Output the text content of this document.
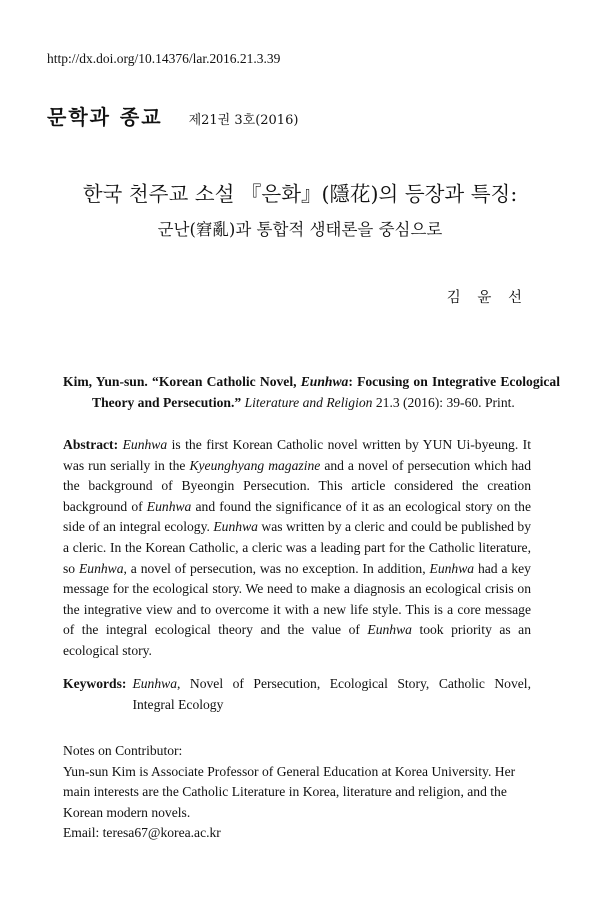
http://dx.doi.org/10.14376/lar.2016.21.3.39
문학과 종교 제21권 3호(2016)
한국 천주교 소설 『은화』(隱花)의 등장과 특징:
군난(窘亂)과 통합적 생태론을 중심으로
김 윤 선
Kim, Yun-sun. “Korean Catholic Novel, Eunhwa: Focusing on Integrative Ecological Theory and Persecution.” Literature and Religion 21.3 (2016): 39-60. Print.
Abstract: Eunhwa is the first Korean Catholic novel written by YUN Ui-byeung. It was run serially in the Kyeunghyang magazine and a novel of persecution which had the background of Byeongin Persecution. This article considered the creation background of Eunhwa and found the significance of it as an ecological story on the side of an integral ecology. Eunhwa was written by a cleric and could be published by a cleric. In the Korean Catholic, a cleric was a leading part for the Catholic literature, so Eunhwa, a novel of persecution, was no exception. In addition, Eunhwa had a key message for the ecological story. We need to make a diagnosis an ecological crisis on the integrative view and to overcome it with a new life style. This is a core message of the integral ecological theory and the value of Eunhwa took priority as an ecological story.
Keywords: Eunhwa, Novel of Persecution, Ecological Story, Catholic Novel, Integral Ecology
Notes on Contributor:
Yun-sun Kim is Associate Professor of General Education at Korea University. Her main interests are the Catholic Literature in Korea, literature and religion, and the Korean modern novels.
Email: teresa67@korea.ac.kr
